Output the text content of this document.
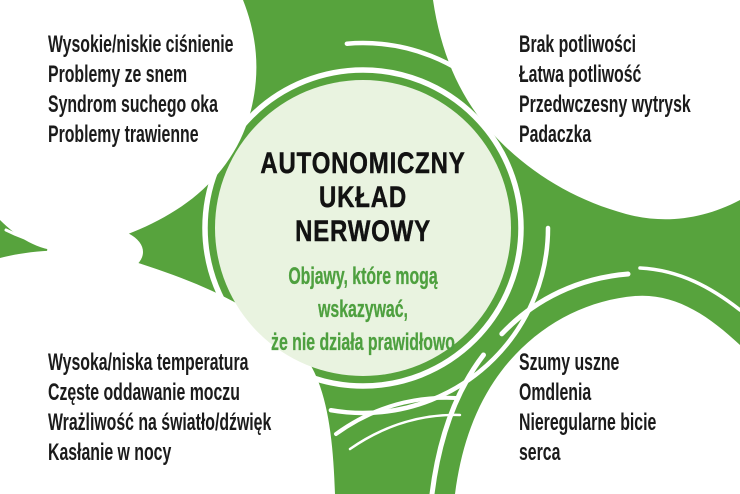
Wysokie/niskie ciśnienie
Problemy ze snem
Syndrom suchego oka
Problemy trawienne
Brak potliwości
Łatwa potliwość
Przedwczesny wytrysk
Padaczka
Wysoka/niska temperatura
Częste oddawanie moczu
Wrażliwość na światło/dźwięk
Kasłanie w nocy
Szumy uszne
Omdlenia
Nieregularne bicie serca
AUTONOMICZNY
UKŁAD
NERWOWY
Objawy, które mogą wskazywać,
że nie działa prawidłowo
